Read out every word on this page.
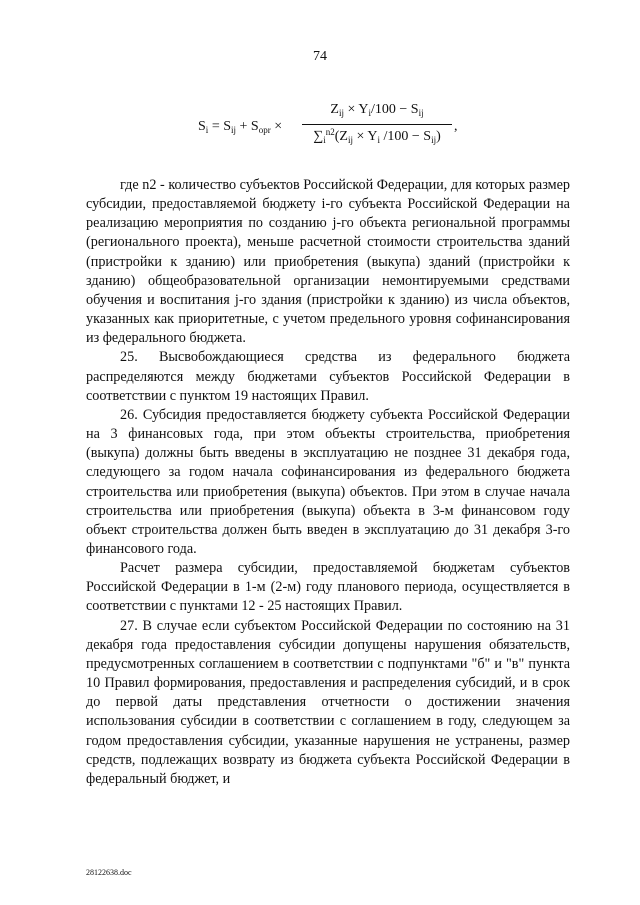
74
$S_i = S_{ij} + S_{opr}$ ×
$Z_{ij} \times Y_i/100 - S_{ij}$
$\sum_i^{n2}(Z_{ij} \times Y_i$ $/100 - S_{ij}$)
,

где n2 - количество субъектов Российской Федерации, для которых размер субсидии, предоставляемой бюджету i-го субъекта Российской Федерации на реализацию мероприятия по созданию j-го объекта региональной программы (регионального проекта), меньше расчетной стоимости строительства зданий (пристройки к зданию) или приобретения (выкупа) зданий (пристройки к зданию) общеобразовательной организации немонтируемыми средствами обучения и воспитания j-го здания (пристройки к зданию) из числа объектов, указанных как приоритетные, с учетом предельного уровня софинансирования из федерального бюджета.

25. Высвобождающиеся средства из федерального бюджета распределяются между бюджетами субъектов Российской Федерации в соответствии с пунктом 19 настоящих Правил.

26. Субсидия предоставляется бюджету субъекта Российской Федерации на 3 финансовых года, при этом объекты строительства, приобретения (выкупа) должны быть введены в эксплуатацию не позднее 31 декабря года, следующего за годом начала софинансирования из федерального бюджета строительства или приобретения (выкупа) объектов. При этом в случае начала строительства или приобретения (выкупа) объекта в 3-м финансовом году объект строительства должен быть введен в эксплуатацию до 31 декабря 3-го финансового года.

Расчет размера субсидии, предоставляемой бюджетам субъектов Российской Федерации в 1-м (2-м) году планового периода, осуществляется в соответствии с пунктами 12 - 25 настоящих Правил.

27. В случае если субъектом Российской Федерации по состоянию на 31 декабря года предоставления субсидии допущены нарушения обязательств, предусмотренных соглашением в соответствии с подпунктами "б" и "в" пункта 10 Правил формирования, предоставления и распределения субсидий, и в срок до первой даты представления отчетности о достижении значения использования субсидии в соответствии с соглашением в году, следующем за годом предоставления субсидии, указанные нарушения не устранены, размер средств, подлежащих возврату из бюджета субъекта Российской Федерации в федеральный бюджет, и

28122638.doc
